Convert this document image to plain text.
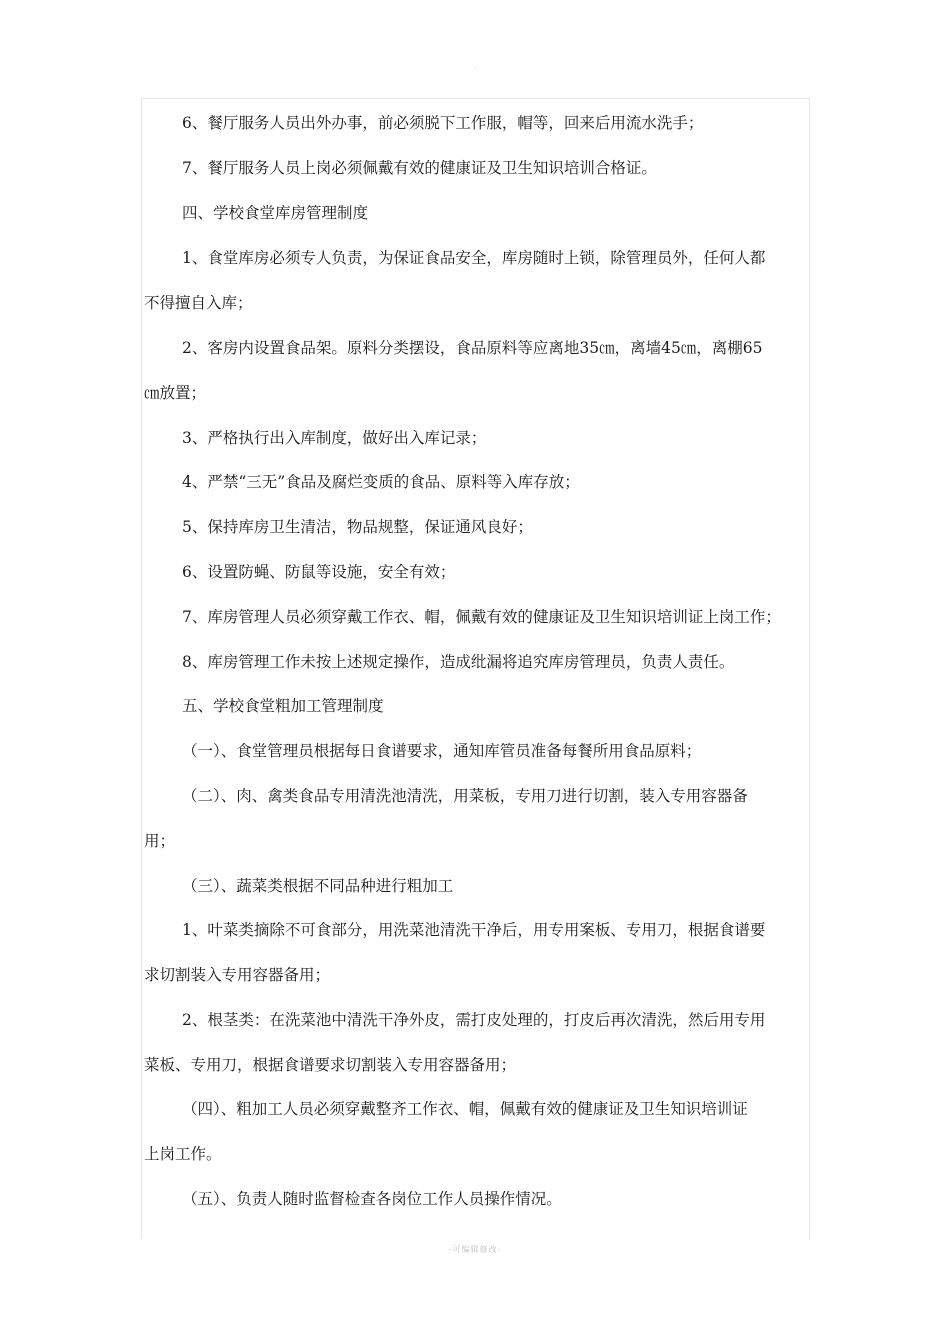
.
6、餐厅服务人员出外办事，前必须脱下工作服，帽等，回来后用流水洗手；
7、餐厅服务人员上岗必须佩戴有效的健康证及卫生知识培训合格证。
四、学校食堂库房管理制度
1、食堂库房必须专人负责，为保证食品安全，库房随时上锁，除管理员外，任何人都
不得擅自入库；
2、客房内设置食品架。原料分类摆设，食品原料等应离地35㎝，离墙45㎝，离棚65
㎝放置；
3、严格执行出入库制度，做好出入库记录；
4、严禁“三无”食品及腐烂变质的食品、原料等入库存放；
5、保持库房卫生清洁，物品规整，保证通风良好；
6、设置防蝇、防鼠等设施，安全有效；
7、库房管理人员必须穿戴工作衣、帽，佩戴有效的健康证及卫生知识培训证上岗工作；
8、库房管理工作未按上述规定操作，造成纰漏将追究库房管理员，负责人责任。
五、学校食堂粗加工管理制度
（一）、食堂管理员根据每日食谱要求，通知库管员准备每餐所用食品原料；
（二）、肉、禽类食品专用清洗池清洗，用菜板，专用刀进行切割，装入专用容器备
用；
（三）、蔬菜类根据不同品种进行粗加工
1、叶菜类摘除不可食部分，用洗菜池清洗干净后，用专用案板、专用刀，根据食谱要
求切割装入专用容器备用；
2、根茎类：在洗菜池中清洗干净外皮，需打皮处理的，打皮后再次清洗，然后用专用
菜板、专用刀，根据食谱要求切割装入专用容器备用；
（四）、粗加工人员必须穿戴整齐工作衣、帽，佩戴有效的健康证及卫生知识培训证
上岗工作。
（五）、负责人随时监督检查各岗位工作人员操作情况。
-可编辑修改-
